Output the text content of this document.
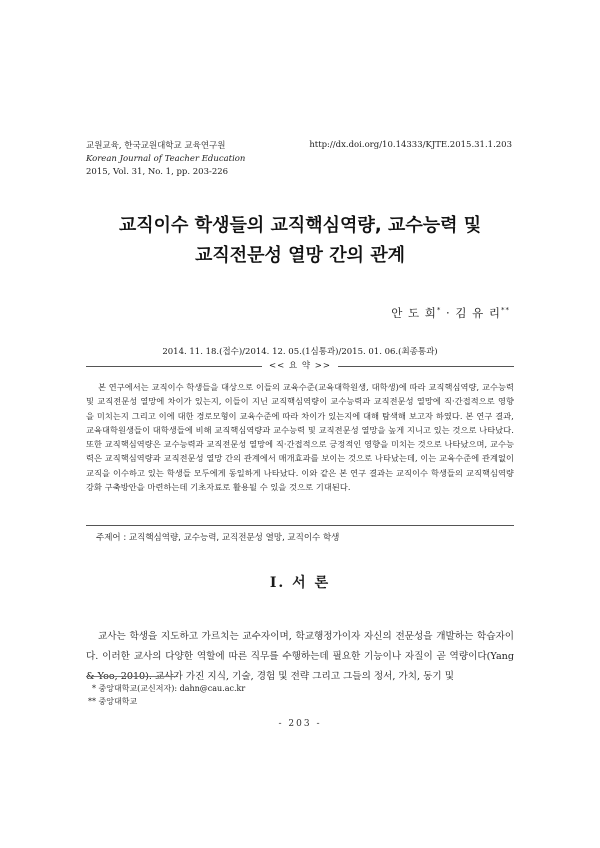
교원교육, 한국교원대학교 교육연구원
Korean Journal of Teacher Education
2015, Vol. 31, No. 1, pp. 203-226
http://dx.doi.org/10.14333/KJTE.2015.31.1.203
교직이수 학생들의 교직핵심역량, 교수능력 및
교직전문성 열망 간의 관계
안 도 희* · 김 유 리**
2014. 11. 18.(접수)/2014. 12. 05.(1심통과)/2015. 01. 06.(최종통과)
<< 요 약 >>
본 연구에서는 교직이수 학생들을 대상으로 이들의 교육수준(교육대학원생, 대학생)에 따라 교직핵심역량, 교수능력 및 교직전문성 열망에 차이가 있는지, 이들이 지닌 교직핵심역량이 교수능력과 교직전문성 열망에 직·간접적으로 영향을 미치는지 그리고 이에 대한 경로모형이 교육수준에 따라 차이가 있는지에 대해 탐색해 보고자 하였다. 본 연구 결과, 교육대학원생들이 대학생들에 비해 교직핵심역량과 교수능력 및 교직전문성 열망을 높게 지니고 있는 것으로 나타났다. 또한 교직핵심역량은 교수능력과 교직전문성 열망에 직·간접적으로 긍정적인 영향을 미치는 것으로 나타났으며, 교수능력은 교직핵심역량과 교직전문성 열망 간의 관계에서 매개효과를 보이는 것으로 나타났는데, 이는 교육수준에 관계없이 교직을 이수하고 있는 학생들 모두에게 동일하게 나타났다. 이와 같은 본 연구 결과는 교직이수 학생들의 교직핵심역량 강화 구축방안을 마련하는데 기초자료로 활용될 수 있을 것으로 기대된다.
주제어 : 교직핵심역량, 교수능력, 교직전문성 열망, 교직이수 학생
I. 서 론
교사는 학생을 지도하고 가르치는 교수자이며, 학교행정가이자 자신의 전문성을 개발하는 학습자이다. 이러한 교사의 다양한 역할에 따른 직무를 수행하는데 필요한 기능이나 자질이 곧 역량이다(Yang & Yoo, 2010). 교사가 가진 지식, 기술, 경험 및 전략 그리고 그들의 정서, 가치, 동기 및
* 중앙대학교(교신저자): dahn@cau.ac.kr
** 중앙대학교
- 203 -
